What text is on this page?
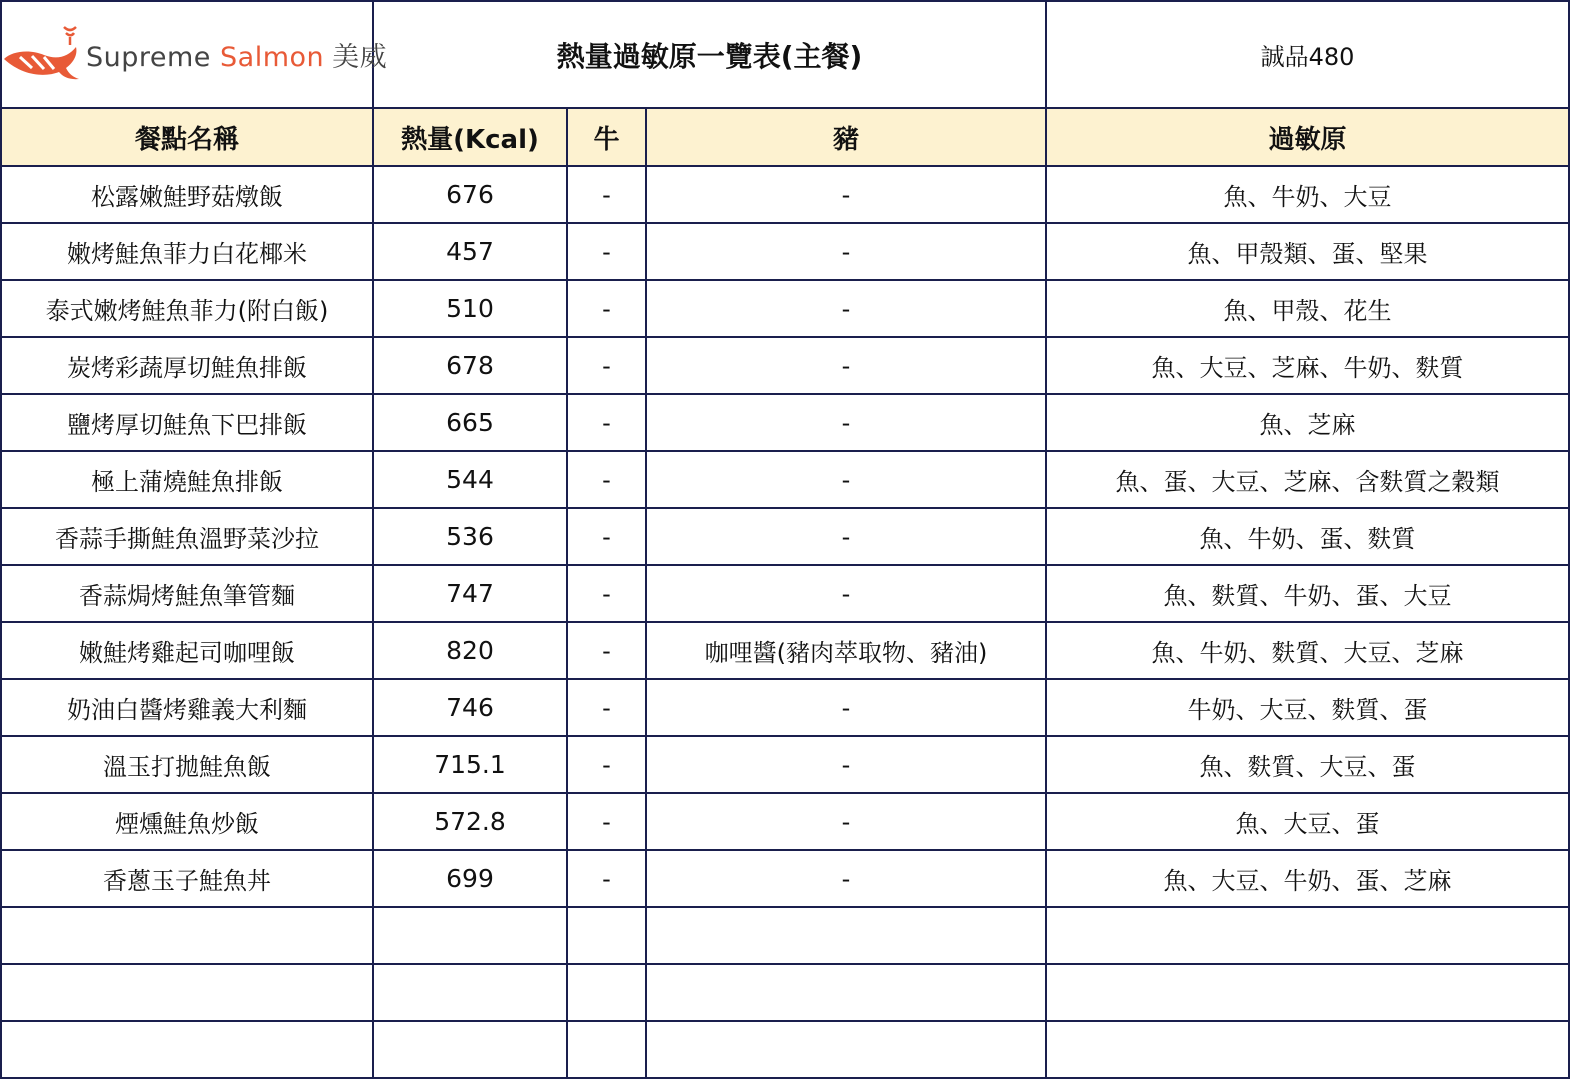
Supreme Salmon 美威	熱量過敏原一覽表(主餐)			誠品480
餐點名稱	熱量(Kcal)	牛	豬	過敏原
松露嫩鮭野菇燉飯	676	-	-	魚、牛奶、大豆
嫩烤鮭魚菲力白花椰米	457	-	-	魚、甲殼類、蛋、堅果
泰式嫩烤鮭魚菲力(附白飯)	510	-	-	魚、甲殼、花生
炭烤彩蔬厚切鮭魚排飯	678	-	-	魚、大豆、芝麻、牛奶、麩質
鹽烤厚切鮭魚下巴排飯	665	-	-	魚、芝麻
極上蒲燒鮭魚排飯	544	-	-	魚、蛋、大豆、芝麻、含麩質之穀類
香蒜手撕鮭魚溫野菜沙拉	536	-	-	魚、牛奶、蛋、麩質
香蒜焗烤鮭魚筆管麵	747	-	-	魚、麩質、牛奶、蛋、大豆
嫩鮭烤雞起司咖哩飯	820	-	咖哩醬(豬肉萃取物、豬油)	魚、牛奶、麩質、大豆、芝麻
奶油白醬烤雞義大利麵	746	-	-	牛奶、大豆、麩質、蛋
溫玉打拋鮭魚飯	715.1	-	-	魚、麩質、大豆、蛋
煙燻鮭魚炒飯	572.8	-	-	魚、大豆、蛋
香蔥玉子鮭魚丼	699	-	-	魚、大豆、牛奶、蛋、芝麻
